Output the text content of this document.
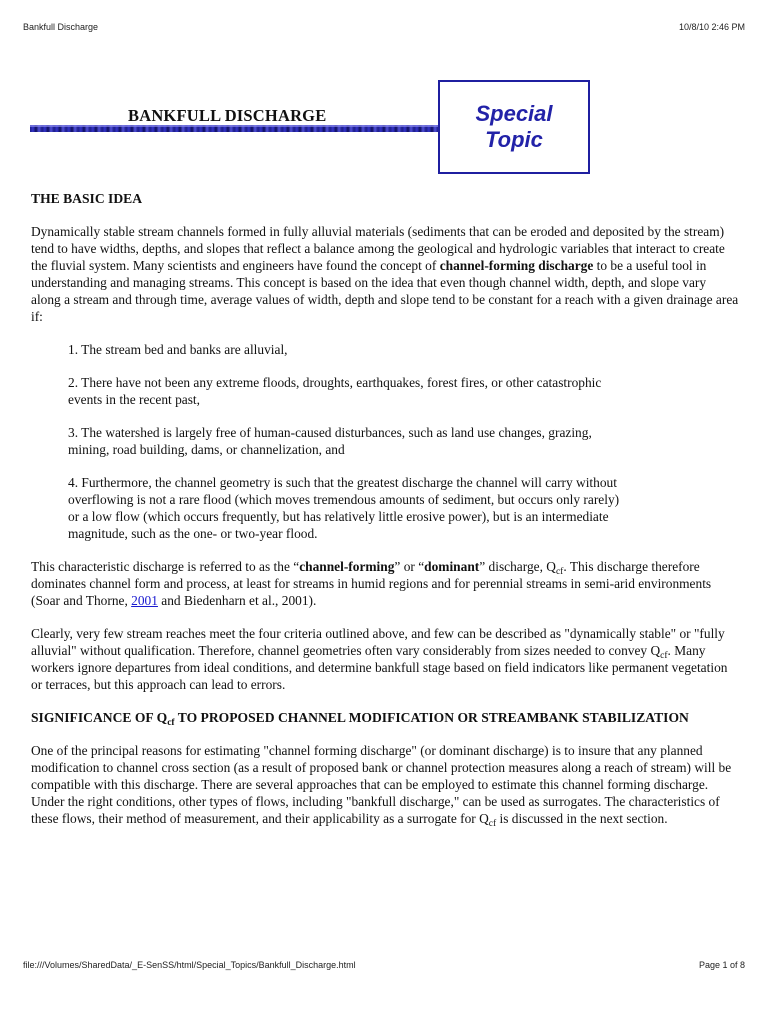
Bankfull Discharge	10/8/10 2:46 PM
BANKFULL DISCHARGE	Special
Topic
THE BASIC IDEA

Dynamically stable stream channels formed in fully alluvial materials (sediments that can be eroded and deposited by the stream) tend to have widths, depths, and slopes that reflect a balance among the geological and hydrologic variables that interact to create the fluvial system. Many scientists and engineers have found the concept of channel-forming discharge to be a useful tool in understanding and managing streams. This concept is based on the idea that even though channel width, depth, and slope vary along a stream and through time, average values of width, depth and slope tend to be constant for a reach with a given drainage area if:

1. The stream bed and banks are alluvial,
2. There have not been any extreme floods, droughts, earthquakes, forest fires, or other catastrophic events in the recent past,
3. The watershed is largely free of human-caused disturbances, such as land use changes, grazing, mining, road building, dams, or channelization, and
4. Furthermore, the channel geometry is such that the greatest discharge the channel will carry without overflowing is not a rare flood (which moves tremendous amounts of sediment, but occurs only rarely) or a low flow (which occurs frequently, but has relatively little erosive power), but is an intermediate magnitude, such as the one- or two-year flood.

This characteristic discharge is referred to as the “channel-forming” or “dominant” discharge, $Q_{cf}$. This discharge therefore dominates channel form and process, at least for streams in humid regions and for perennial streams in semi-arid environments (Soar and Thorne, 2001 and Biedenharn et al., 2001).

Clearly, very few stream reaches meet the four criteria outlined above, and few can be described as "dynamically stable" or "fully alluvial" without qualification. Therefore, channel geometries often vary considerably from sizes needed to convey $Q_{cf}$. Many workers ignore departures from ideal conditions, and determine bankfull stage based on field indicators like permanent vegetation or terraces, but this approach can lead to errors.

SIGNIFICANCE OF $Q_{cf}$ TO PROPOSED CHANNEL MODIFICATION OR STREAMBANK STABILIZATION

One of the principal reasons for estimating "channel forming discharge" (or dominant discharge) is to insure that any planned modification to channel cross section (as a result of proposed bank or channel protection measures along a reach of stream) will be compatible with this discharge. There are several approaches that can be employed to estimate this channel forming discharge. Under the right conditions, other types of flows, including "bankfull discharge," can be used as surrogates. The characteristics of these flows, their method of measurement, and their applicability as a surrogate for $Q_{cf}$ is discussed in the next section.

file:///Volumes/SharedData/_E-SenSS/html/Special_Topics/Bankfull_Discharge.html	Page 1 of 8
